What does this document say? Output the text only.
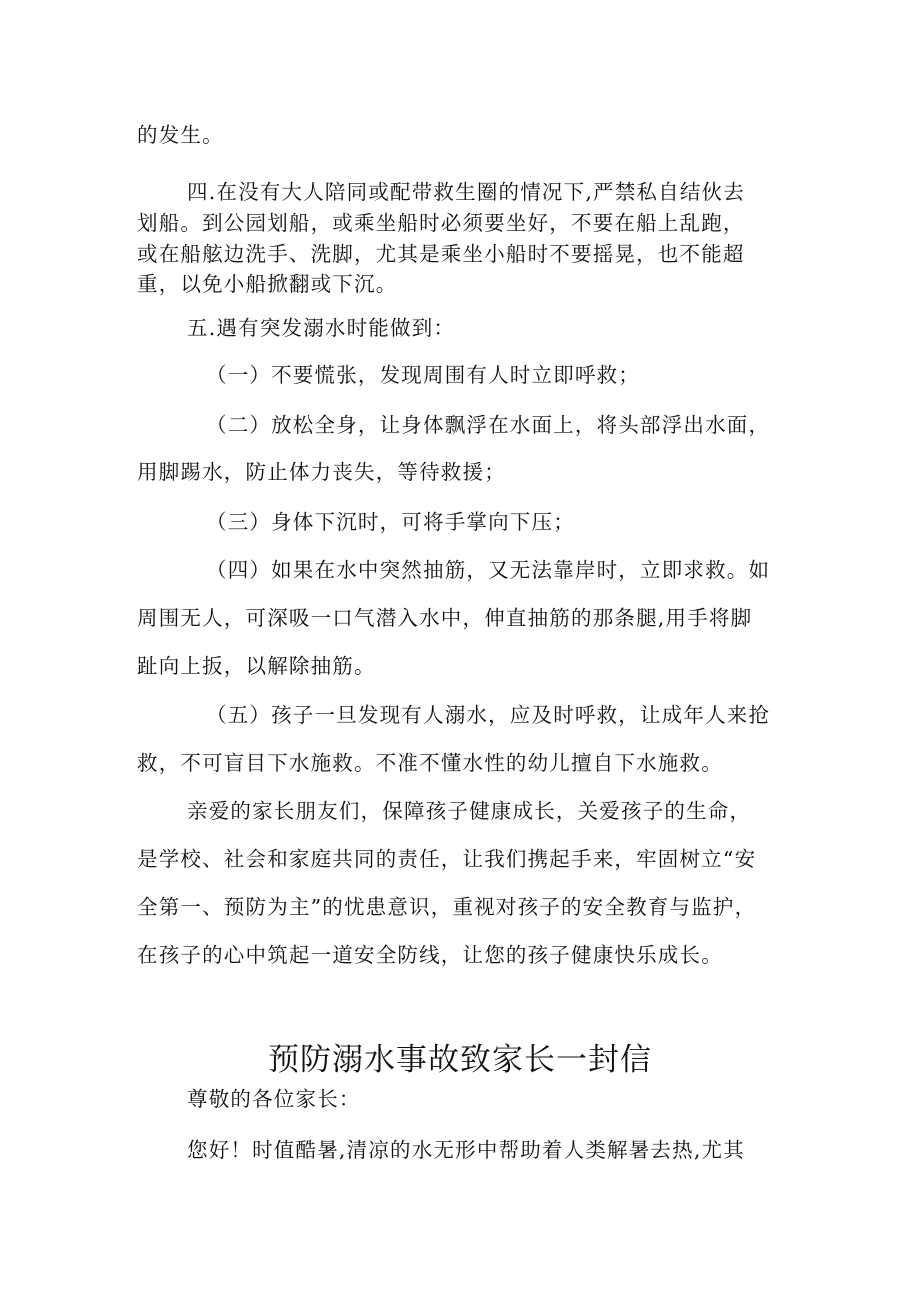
的发生。
四.在没有大人陪同或配带救生圈的情况下,严禁私自结伙去
划船。到公园划船，或乘坐船时必须要坐好，不要在船上乱跑，
或在船舷边洗手、洗脚，尤其是乘坐小船时不要摇晃，也不能超
重，以免小船掀翻或下沉。
五.遇有突发溺水时能做到：
（一）不要慌张，发现周围有人时立即呼救；
（二）放松全身，让身体飘浮在水面上，将头部浮出水面，
用脚踢水，防止体力丧失，等待救援；
（三）身体下沉时，可将手掌向下压；
（四）如果在水中突然抽筋，又无法靠岸时，立即求救。如
周围无人，可深吸一口气潜入水中，伸直抽筋的那条腿,用手将脚
趾向上扳，以解除抽筋。
（五）孩子一旦发现有人溺水，应及时呼救，让成年人来抢
救，不可盲目下水施救。不准不懂水性的幼儿擅自下水施救。
亲爱的家长朋友们，保障孩子健康成长，关爱孩子的生命，
是学校、社会和家庭共同的责任，让我们携起手来，牢固树立“安
全第一、预防为主”的忧患意识，重视对孩子的安全教育与监护，
在孩子的心中筑起一道安全防线，让您的孩子健康快乐成长。
预防溺水事故致家长一封信
尊敬的各位家长：
您好！时值酷暑,清凉的水无形中帮助着人类解暑去热,尤其
